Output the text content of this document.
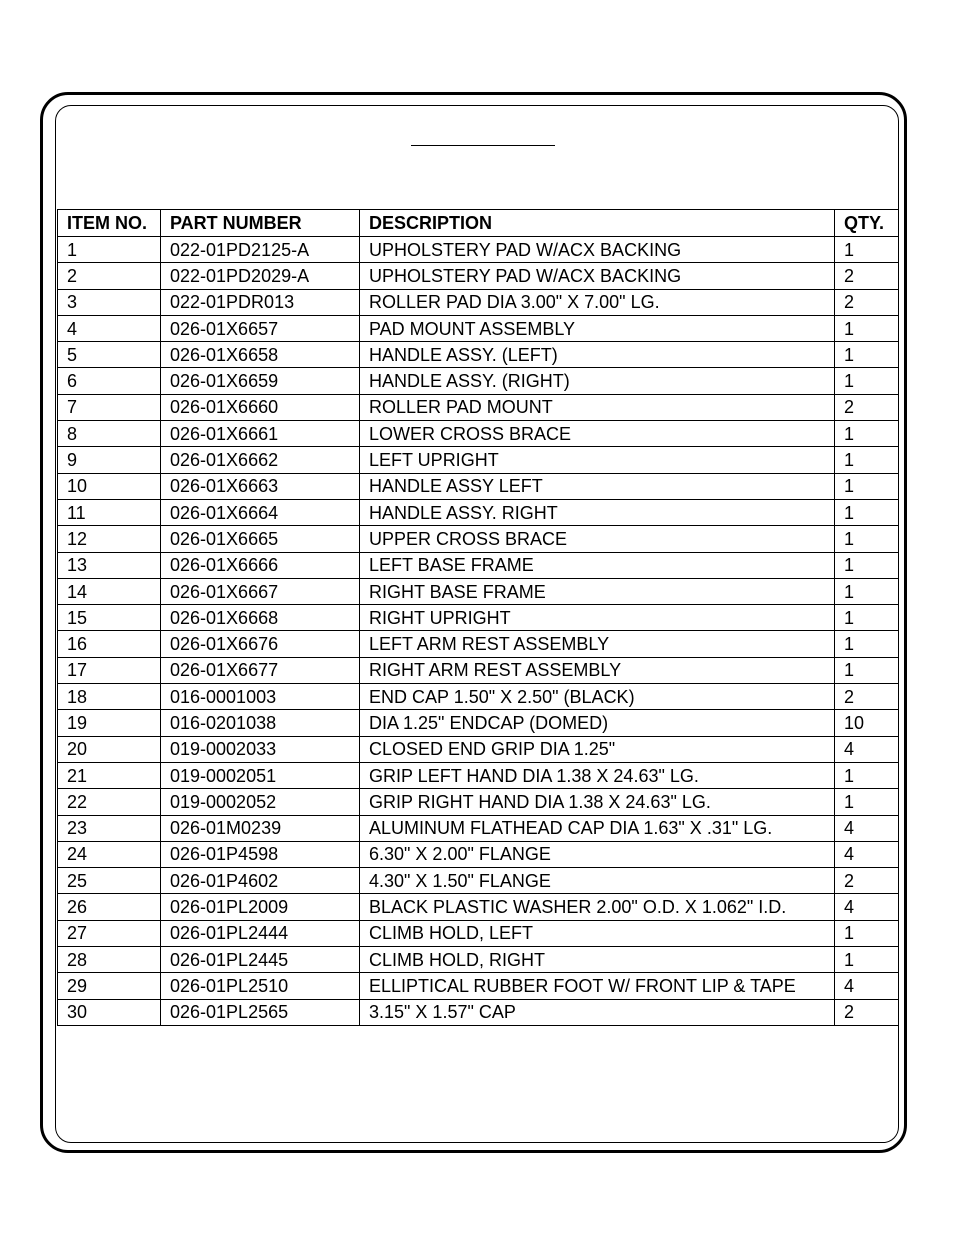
ITEM NO.	PART NUMBER	DESCRIPTION	QTY.
1	022-01PD2125-A	UPHOLSTERY PAD W/ACX BACKING	1
2	022-01PD2029-A	UPHOLSTERY PAD W/ACX BACKING	2
3	022-01PDR013	ROLLER PAD DIA 3.00" X 7.00" LG.	2
4	026-01X6657	PAD MOUNT ASSEMBLY	1
5	026-01X6658	HANDLE ASSY. (LEFT)	1
6	026-01X6659	HANDLE ASSY. (RIGHT)	1
7	026-01X6660	ROLLER PAD MOUNT	2
8	026-01X6661	LOWER CROSS BRACE	1
9	026-01X6662	LEFT UPRIGHT	1
10	026-01X6663	HANDLE ASSY LEFT	1
11	026-01X6664	HANDLE ASSY. RIGHT	1
12	026-01X6665	UPPER CROSS BRACE	1
13	026-01X6666	LEFT BASE FRAME	1
14	026-01X6667	RIGHT BASE FRAME	1
15	026-01X6668	RIGHT UPRIGHT	1
16	026-01X6676	LEFT ARM REST ASSEMBLY	1
17	026-01X6677	RIGHT ARM REST ASSEMBLY	1
18	016-0001003	END CAP 1.50" X 2.50" (BLACK)	2
19	016-0201038	DIA 1.25" ENDCAP (DOMED)	10
20	019-0002033	CLOSED END GRIP DIA 1.25"	4
21	019-0002051	GRIP LEFT HAND DIA 1.38 X 24.63" LG.	1
22	019-0002052	GRIP RIGHT HAND DIA 1.38 X 24.63" LG.	1
23	026-01M0239	ALUMINUM FLATHEAD CAP DIA 1.63" X .31" LG.	4
24	026-01P4598	6.30" X 2.00" FLANGE	4
25	026-01P4602	4.30" X 1.50" FLANGE	2
26	026-01PL2009	BLACK PLASTIC WASHER 2.00" O.D. X 1.062" I.D.	4
27	026-01PL2444	CLIMB HOLD, LEFT	1
28	026-01PL2445	CLIMB HOLD, RIGHT	1
29	026-01PL2510	ELLIPTICAL RUBBER FOOT W/ FRONT LIP & TAPE	4
30	026-01PL2565	3.15" X 1.57" CAP	2
